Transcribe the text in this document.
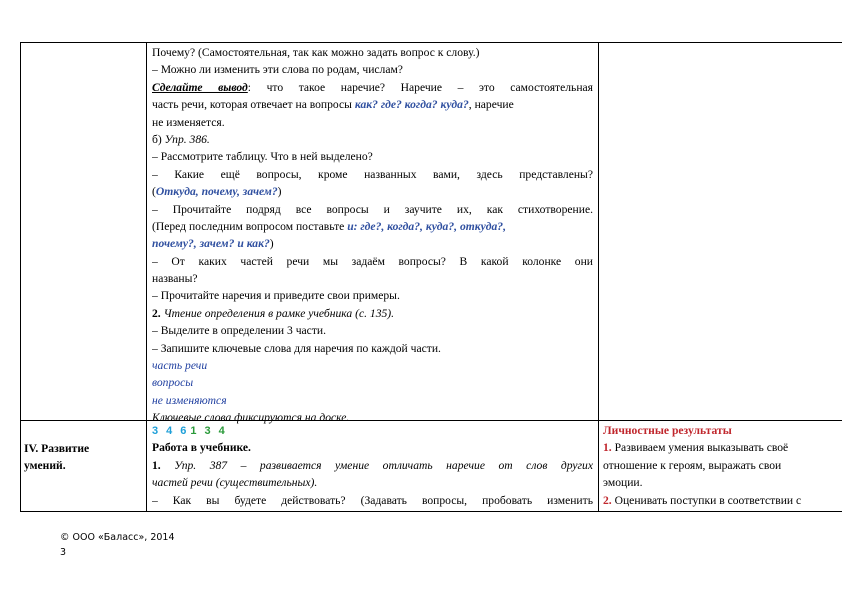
Почему? (Самостоятельная, так как можно задать вопрос к слову.)
– Можно ли изменить эти слова по родам, числам?
Сделайте вывод: что такое наречие? Наречие – это самостоятельная
часть речи, которая отвечает на вопросы как? где? когда? куда?, наречие
не изменяется.
б) Упр. 386.
– Рассмотрите таблицу. Что в ней выделено?
– Какие ещё вопросы, кроме названных вами, здесь представлены?
(Откуда, почему, зачем?)
– Прочитайте подряд все вопросы и заучите их, как стихотворение.
(Перед последним вопросом поставьте и: где?, когда?, куда?, откуда?,
почему?, зачем? и как?)
– От каких частей речи мы задаём вопросы? В какой колонке они
названы?
– Прочитайте наречия и приведите свои примеры.
2. Чтение определения в рамке учебника (с. 135).
– Выделите в определении 3 части.
– Запишите ключевые слова для наречия по каждой части.
часть речи
вопросы
не изменяются
Ключевые слова фиксируются на доске.
IV. Развитие
умений.
3 4 6 1 3 4
Работа в учебнике.
1. Упр. 387 – развивается умение отличать наречие от слов других
частей речи (существительных).
– Как вы будете действовать? (Задавать вопросы, пробовать изменить
Личностные результаты
1. Развиваем умения выказывать своё
отношение к героям, выражать свои
эмоции.
2. Оценивать поступки в соответствии с
© ООО «Баласс», 2014
3
